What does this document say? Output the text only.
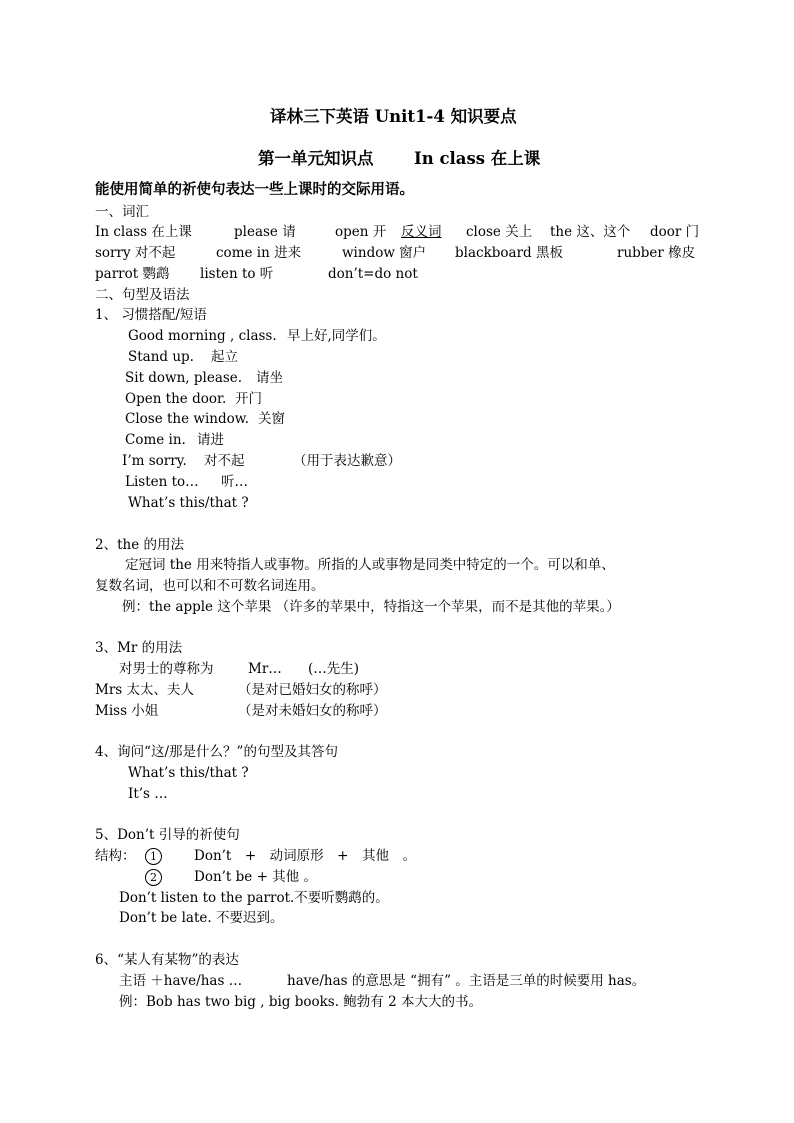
译林三下英语 Unit1-4 知识要点
第一单元知识点 In class 在上课
能使用简单的祈使句表达一些上课时的交际用语。
一、词汇
In class 在上课	please 请	open 开 反义词 close 关上 the 这、这个 door 门
sorry 对不起	come in 进来	window 窗户 blackboard 黑板	rubber 橡皮
parrot 鹦鹉 listen to 听	don’t=do not
二、句型及语法
1、 习惯搭配/短语
Good morning , class. 早上好,同学们。
Stand up. 起立
Sit down, please. 请坐
Open the door. 开门
Close the window. 关窗
Come in. 请进
I’m sorry. 对不起	（用于表达歉意）
Listen to… 听…
What’s this/that ?
2、the 的用法
定冠词 the 用来特指人或事物。所指的人或事物是同类中特定的一个。可以和单、
复数名词，也可以和不可数名词连用。
例：the apple 这个苹果 （许多的苹果中，特指这一个苹果，而不是其他的苹果。）
3、Mr 的用法
对男士的尊称为	Mr… (…先生)
Mrs 太太、夫人	（是对已婚妇女的称呼）
Miss 小姐	（是对未婚妇女的称呼）
4、询问“这/那是什么？”的句型及其答句
What’s this/that ?
It’s …
5、Don’t 引导的祈使句
结构：	1	Don’t　+　动词原形　+　其他　。
2	Don’t be + 其他 。
Don’t listen to the parrot.不要听鹦鹉的。
Don’t be late. 不要迟到。
6、“某人有某物”的表达
主语 ＋have/has …	have/has 的意思是 “拥有” 。主语是三单的时候要用 has。
例：Bob has two big , big books. 鲍勃有 2 本大大的书。
